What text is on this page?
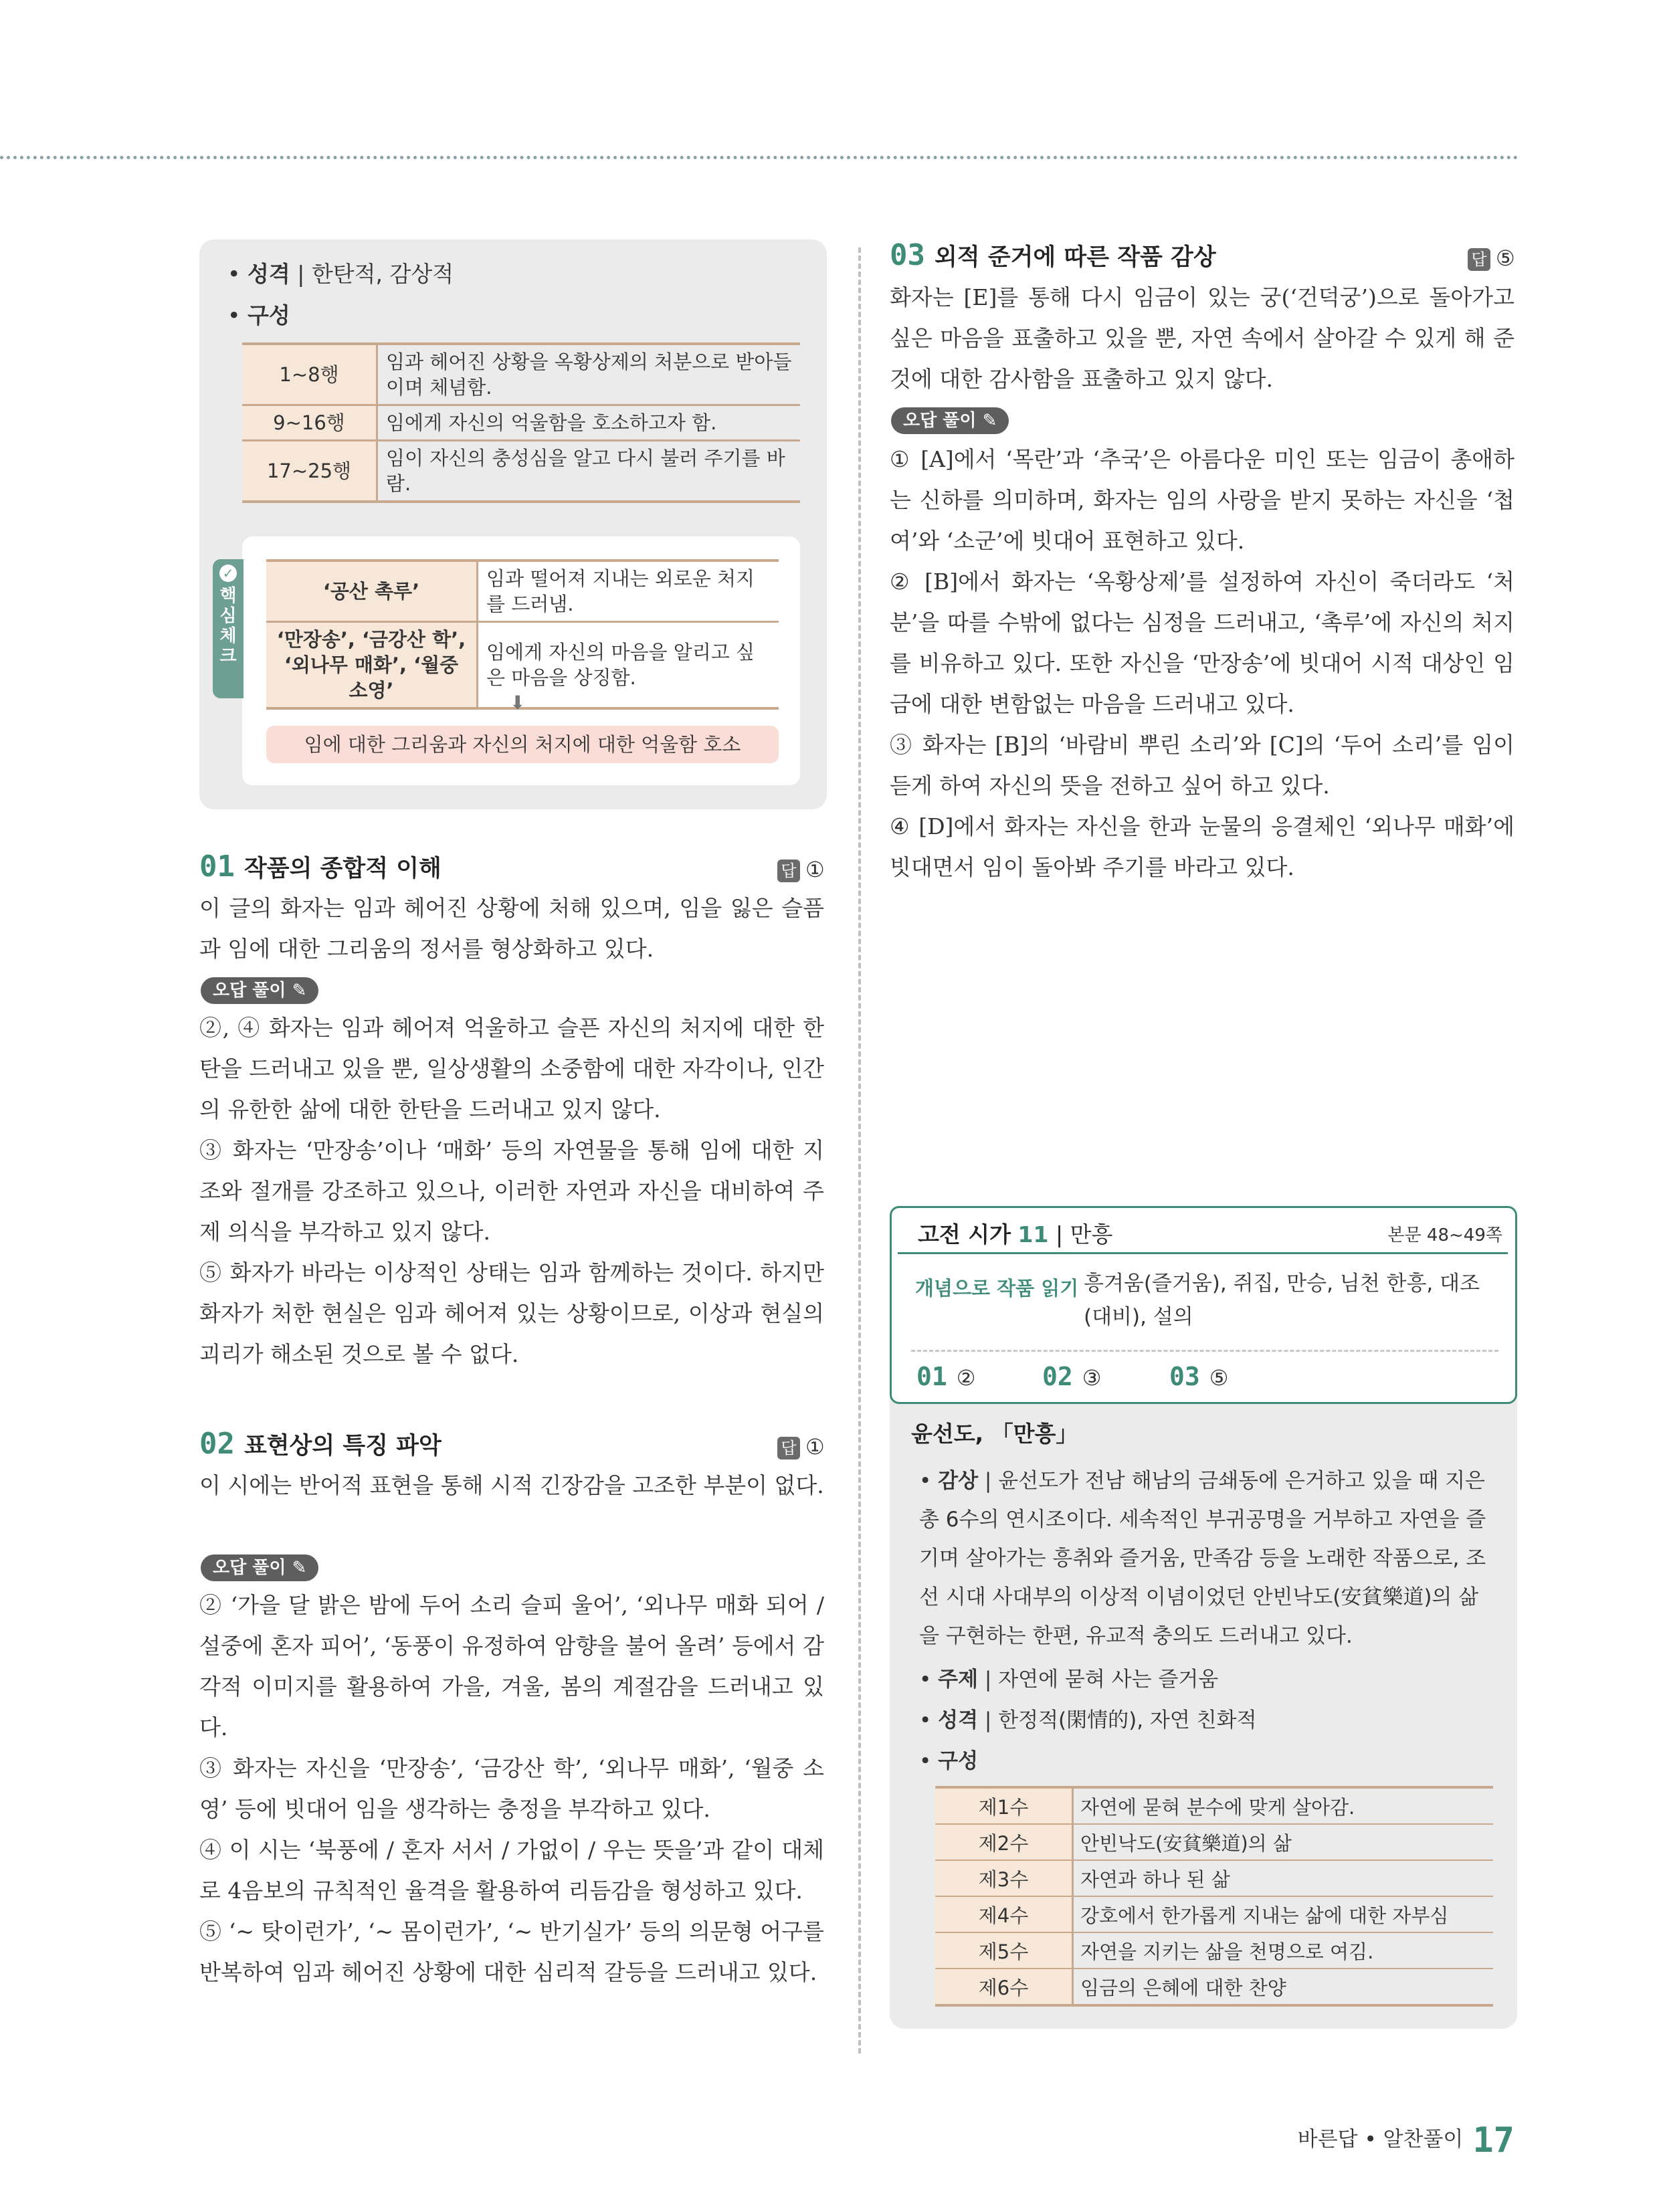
• 성격 | 한탄적, 감상적
• 구성
1~8행	임과 헤어진 상황을 옥황상제의 처분으로 받아들이며 체념함.
9~16행	임에게 자신의 억울함을 호소하고자 함.
17~25행	임이 자신의 충성심을 알고 다시 불러 주기를 바람.
✓
핵
심
체
크
‘공산 촉루’	임과 떨어져 지내는 외로운 처지를 드러냄.
‘만장송’, ‘금강산 학’, ‘외나무 매화’, ‘월중 소영’	임에게 자신의 마음을 알리고 싶은 마음을 상징함.
⬇
임에 대한 그리움과 자신의 처지에 대한 억울함 호소
01 작품의 종합적 이해	답 ①

이 글의 화자는 임과 헤어진 상황에 처해 있으며, 임을 잃은 슬픔과 임에 대한 그리움의 정서를 형상화하고 있다.

오답 풀이 ✎

②, ④ 화자는 임과 헤어져 억울하고 슬픈 자신의 처지에 대한 한탄을 드러내고 있을 뿐, 일상생활의 소중함에 대한 자각이나, 인간의 유한한 삶에 대한 한탄을 드러내고 있지 않다.

③ 화자는 ‘만장송’이나 ‘매화’ 등의 자연물을 통해 임에 대한 지조와 절개를 강조하고 있으나, 이러한 자연과 자신을 대비하여 주제 의식을 부각하고 있지 않다.

⑤ 화자가 바라는 이상적인 상태는 임과 함께하는 것이다. 하지만 화자가 처한 현실은 임과 헤어져 있는 상황이므로, 이상과 현실의 괴리가 해소된 것으로 볼 수 없다.

02 표현상의 특징 파악	답 ①

이 시에는 반어적 표현을 통해 시적 긴장감을 고조한 부분이 없다.

오답 풀이 ✎

② ‘가을 달 밝은 밤에 두어 소리 슬피 울어’, ‘외나무 매화 되어 / 설중에 혼자 피어’, ‘동풍이 유정하여 암향을 불어 올려’ 등에서 감각적 이미지를 활용하여 가을, 겨울, 봄의 계절감을 드러내고 있다.

③ 화자는 자신을 ‘만장송’, ‘금강산 학’, ‘외나무 매화’, ‘월중 소영’ 등에 빗대어 임을 생각하는 충정을 부각하고 있다.

④ 이 시는 ‘북풍에 / 혼자 서서 / 가없이 / 우는 뜻을’과 같이 대체로 4음보의 규칙적인 율격을 활용하여 리듬감을 형성하고 있다.

⑤ ‘~ 탓이런가’, ‘~ 몸이런가’, ‘~ 반기실가’ 등의 의문형 어구를 반복하여 임과 헤어진 상황에 대한 심리적 갈등을 드러내고 있다.

03 외적 준거에 따른 작품 감상	답 ⑤

화자는 [E]를 통해 다시 임금이 있는 궁(‘건덕궁’)으로 돌아가고 싶은 마음을 표출하고 있을 뿐, 자연 속에서 살아갈 수 있게 해 준 것에 대한 감사함을 표출하고 있지 않다.

오답 풀이 ✎

① [A]에서 ‘목란’과 ‘추국’은 아름다운 미인 또는 임금이 총애하는 신하를 의미하며, 화자는 임의 사랑을 받지 못하는 자신을 ‘첩여’와 ‘소군’에 빗대어 표현하고 있다.

② [B]에서 화자는 ‘옥황상제’를 설정하여 자신이 죽더라도 ‘처분’을 따를 수밖에 없다는 심정을 드러내고, ‘촉루’에 자신의 처지를 비유하고 있다. 또한 자신을 ‘만장송’에 빗대어 시적 대상인 임금에 대한 변함없는 마음을 드러내고 있다.

③ 화자는 [B]의 ‘바람비 뿌린 소리’와 [C]의 ‘두어 소리’를 임이 듣게 하여 자신의 뜻을 전하고 싶어 하고 있다.

④ [D]에서 화자는 자신을 한과 눈물의 응결체인 ‘외나무 매화’에 빗대면서 임이 돌아봐 주기를 바라고 있다.

고전 시가 11 | 만흥	본문 48~49쪽
개념으로 작품 읽기 흥겨움(즐거움), 쥐집, 만승, 님천 한흥, 대조(대비), 설의
01 ②	02 ③	03 ⑤
윤선도, 「만흥」
• 감상 | 윤선도가 전남 해남의 금쇄동에 은거하고 있을 때 지은 총 6수의 연시조이다. 세속적인 부귀공명을 거부하고 자연을 즐기며 살아가는 흥취와 즐거움, 만족감 등을 노래한 작품으로, 조선 시대 사대부의 이상적 이념이었던 안빈낙도(安貧樂道)의 삶을 구현하는 한편, 유교적 충의도 드러내고 있다.
• 주제 | 자연에 묻혀 사는 즐거움
• 성격 | 한정적(閑情的), 자연 친화적
• 구성
제1수	자연에 묻혀 분수에 맞게 살아감.
제2수	안빈낙도(安貧樂道)의 삶
제3수	자연과 하나 된 삶
제4수	강호에서 한가롭게 지내는 삶에 대한 자부심
제5수	자연을 지키는 삶을 천명으로 여김.
제6수	임금의 은혜에 대한 찬양
바른답 • 알찬풀이 17
